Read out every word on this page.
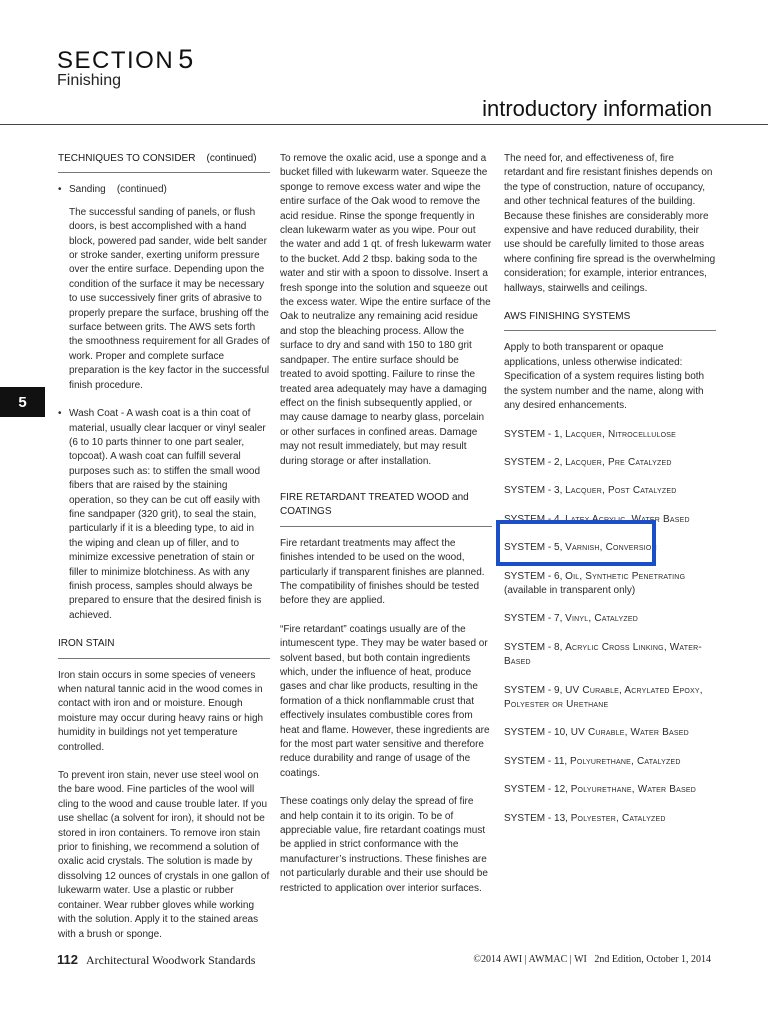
SECTION 5
Finishing
introductory information
5
TECHNIQUES TO CONSIDER    (continued)
• Sanding    (continued)
The successful sanding of panels, or flush doors, is best accomplished with a hand block, powered pad sander, wide belt sander or stroke sander, exerting uniform pressure over the entire surface. Depending upon the condition of the surface it may be necessary to use successively finer grits of abrasive to properly prepare the surface, brushing off the surface between grits. The AWS sets forth the smoothness requirement for all Grades of work. Proper and complete surface preparation is the key factor in the successful finish procedure.
• Wash Coat - A wash coat is a thin coat of material, usually clear lacquer or vinyl sealer (6 to 10 parts thinner to one part sealer, topcoat). A wash coat can fulfill several purposes such as: to stiffen the small wood fibers that are raised by the staining operation, so they can be cut off easily with fine sandpaper (320 grit), to seal the stain, particularly if it is a bleeding type, to aid in the wiping and clean up of filler, and to minimize excessive penetration of stain or filler to minimize blotchiness. As with any finish process, samples should always be prepared to ensure that the desired finish is achieved.
IRON STAIN
Iron stain occurs in some species of veneers when natural tannic acid in the wood comes in contact with iron and or moisture. Enough moisture may occur during heavy rains or high humidity in buildings not yet temperature controlled.
To prevent iron stain, never use steel wool on the bare wood. Fine particles of the wool will cling to the wood and cause trouble later. If you use shellac (a solvent for iron), it should not be stored in iron containers. To remove iron stain prior to finishing, we recommend a solution of oxalic acid crystals. The solution is made by dissolving 12 ounces of crystals in one gallon of lukewarm water. Use a plastic or rubber container. Wear rubber gloves while working with the solution. Apply it to the stained areas with a brush or sponge.
To remove the oxalic acid, use a sponge and a bucket filled with lukewarm water. Squeeze the sponge to remove excess water and wipe the entire surface of the Oak wood to remove the acid residue. Rinse the sponge frequently in clean lukewarm water as you wipe. Pour out the water and add 1 qt. of fresh lukewarm water to the bucket. Add 2 tbsp. baking soda to the water and stir with a spoon to dissolve. Insert a fresh sponge into the solution and squeeze out the excess water. Wipe the entire surface of the Oak to neutralize any remaining acid residue and stop the bleaching process. Allow the surface to dry and sand with 150 to 180 grit sandpaper. The entire surface should be treated to avoid spotting. Failure to rinse the treated area adequately may have a damaging effect on the finish subsequently applied, or may cause damage to nearby glass, porcelain or other surfaces in confined areas. Damage may not result immediately, but may result during storage or after installation.
FIRE RETARDANT TREATED WOOD and COATINGS
Fire retardant treatments may affect the finishes intended to be used on the wood, particularly if transparent finishes are planned. The compatibility of finishes should be tested before they are applied.
“Fire retardant” coatings usually are of the intumescent type. They may be water based or solvent based, but both contain ingredients which, under the influence of heat, produce gases and char like products, resulting in the formation of a thick nonflammable crust that effectively insulates combustible cores from heat and flame. However, these ingredients are for the most part water sensitive and therefore reduce durability and range of usage of the coatings.
These coatings only delay the spread of fire and help contain it to its origin. To be of appreciable value, fire retardant coatings must be applied in strict conformance with the manufacturer’s instructions. These finishes are not particularly durable and their use should be restricted to application over interior surfaces.
The need for, and effectiveness of, fire retardant and fire resistant finishes depends on the type of construction, nature of occupancy, and other technical features of the building. Because these finishes are considerably more expensive and have reduced durability, their use should be carefully limited to those areas where confining fire spread is the overwhelming consideration; for example, interior entrances, hallways, stairwells and ceilings.
AWS FINISHING SYSTEMS
Apply to both transparent or opaque applications, unless otherwise indicated: Specification of a system requires listing both the system number and the name, along with any desired enhancements.
SYSTEM - 1, Lacquer, Nitrocellulose
SYSTEM - 2, Lacquer, Pre Catalyzed
SYSTEM - 3, Lacquer, Post Catalyzed
SYSTEM - 4, Latex Acrylic, Water Based
SYSTEM - 5, Varnish, Conversion
SYSTEM - 6, Oil, Synthetic Penetrating (available in transparent only)
SYSTEM - 7, Vinyl, Catalyzed
SYSTEM - 8, Acrylic Cross Linking, Water-Based
SYSTEM - 9, UV Curable, Acrylated Epoxy, Polyester or Urethane
SYSTEM - 10, UV Curable, Water Based
SYSTEM - 11, Polyurethane, Catalyzed
SYSTEM - 12, Polyurethane, Water Based
SYSTEM - 13, Polyester, Catalyzed
112 Architectural Woodwork Standards	©2014 AWI | AWMAC | WI   2nd Edition, October 1, 2014
